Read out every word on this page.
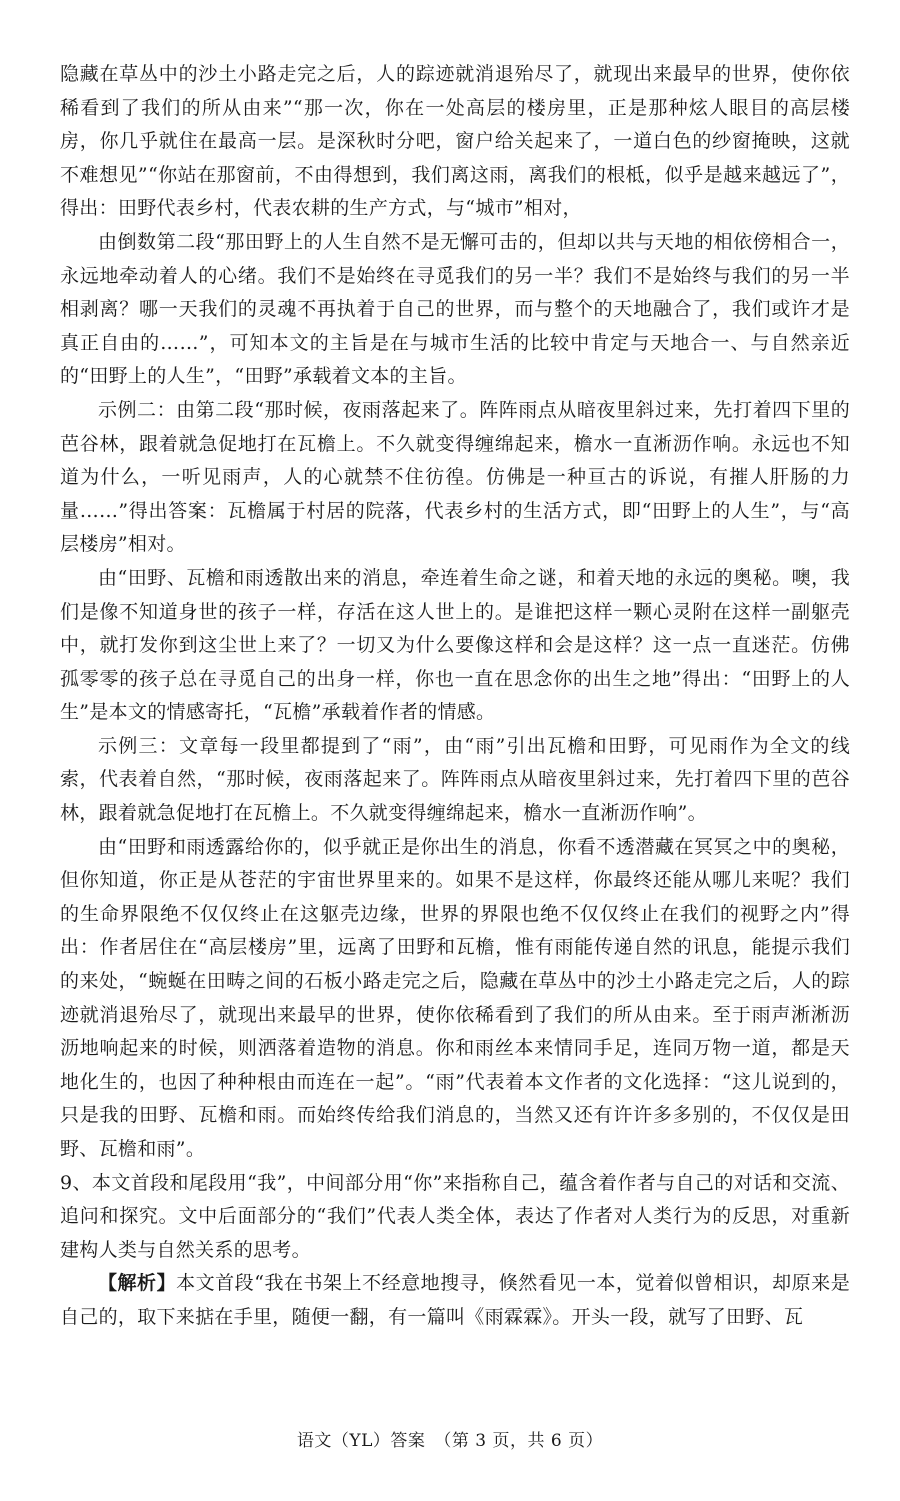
隐藏在草丛中的沙土小路走完之后，人的踪迹就消退殆尽了，就现出来最早的世界，使你依稀看到了我们的所从由来”“那一次，你在一处高层的楼房里，正是那种炫人眼目的高层楼房，你几乎就住在最高一层。是深秋时分吧，窗户给关起来了，一道白色的纱窗掩映，这就不难想见”“你站在那窗前，不由得想到，我们离这雨，离我们的根柢，似乎是越来越远了”，得出：田野代表乡村，代表农耕的生产方式，与“城市”相对，

由倒数第二段“那田野上的人生自然不是无懈可击的，但却以共与天地的相依傍相合一，永远地牵动着人的心绪。我们不是始终在寻觅我们的另一半？我们不是始终与我们的另一半相剥离？哪一天我们的灵魂不再执着于自己的世界，而与整个的天地融合了，我们或许才是真正自由的……”，可知本文的主旨是在与城市生活的比较中肯定与天地合一、与自然亲近的“田野上的人生”，“田野”承载着文本的主旨。

示例二：由第二段“那时候，夜雨落起来了。阵阵雨点从暗夜里斜过来，先打着四下里的芭谷林，跟着就急促地打在瓦檐上。不久就变得缠绵起来，檐水一直淅沥作响。永远也不知道为什么，一听见雨声，人的心就禁不住彷徨。仿佛是一种亘古的诉说，有摧人肝肠的力量……”得出答案：瓦檐属于村居的院落，代表乡村的生活方式，即“田野上的人生”，与“高层楼房”相对。

由“田野、瓦檐和雨透散出来的消息，牵连着生命之谜，和着天地的永远的奥秘。噢，我们是像不知道身世的孩子一样，存活在这人世上的。是谁把这样一颗心灵附在这样一副躯壳中，就打发你到这尘世上来了？一切又为什么要像这样和会是这样？这一点一直迷茫。仿佛孤零零的孩子总在寻觅自己的出身一样，你也一直在思念你的出生之地”得出：“田野上的人生”是本文的情感寄托，“瓦檐”承载着作者的情感。

示例三：文章每一段里都提到了“雨”，由“雨”引出瓦檐和田野，可见雨作为全文的线索，代表着自然，“那时候，夜雨落起来了。阵阵雨点从暗夜里斜过来，先打着四下里的芭谷林，跟着就急促地打在瓦檐上。不久就变得缠绵起来，檐水一直淅沥作响”。

由“田野和雨透露给你的，似乎就正是你出生的消息，你看不透潜藏在冥冥之中的奥秘，但你知道，你正是从苍茫的宇宙世界里来的。如果不是这样，你最终还能从哪儿来呢？我们的生命界限绝不仅仅终止在这躯壳边缘，世界的界限也绝不仅仅终止在我们的视野之内”得出：作者居住在“高层楼房”里，远离了田野和瓦檐，惟有雨能传递自然的讯息，能提示我们的来处，“蜿蜒在田畴之间的石板小路走完之后，隐藏在草丛中的沙土小路走完之后，人的踪迹就消退殆尽了，就现出来最早的世界，使你依稀看到了我们的所从由来。至于雨声淅淅沥沥地响起来的时候，则洒落着造物的消息。你和雨丝本来情同手足，连同万物一道，都是天地化生的，也因了种种根由而连在一起”。“雨”代表着本文作者的文化选择：“这儿说到的，只是我的田野、瓦檐和雨。而始终传给我们消息的，当然又还有许许多多别的，不仅仅是田野、瓦檐和雨”。

9、本文首段和尾段用“我”，中间部分用“你”来指称自己，蕴含着作者与自己的对话和交流、追问和探究。文中后面部分的“我们”代表人类全体，表达了作者对人类行为的反思，对重新建构人类与自然关系的思考。

【解析】本文首段“我在书架上不经意地搜寻，倏然看见一本，觉着似曾相识，却原来是自己的，取下来掂在手里，随便一翻，有一篇叫《雨霖霖》。开头一段，就写了田野、瓦

语文（YL）答案　（第 3 页，共 6 页）
